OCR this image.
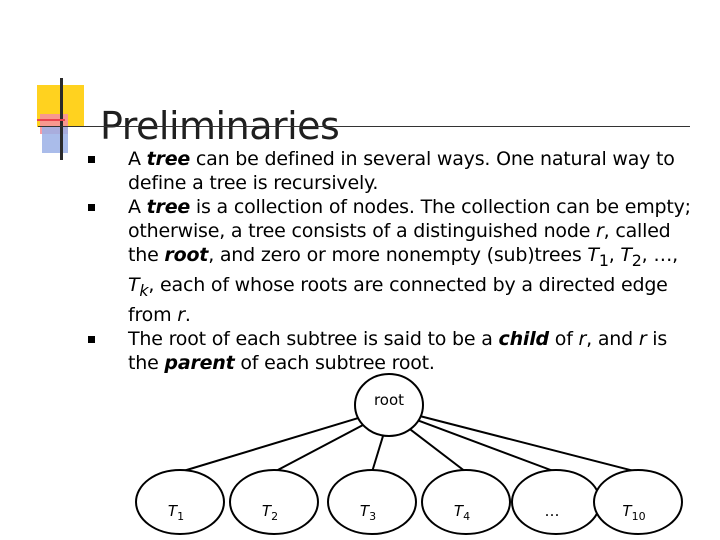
Preliminaries
A tree can be defined in several ways. One natural way to define a tree is recursively.
A tree is a collection of nodes. The collection can be empty; otherwise, a tree consists of a distinguished node r, called the root, and zero or more nonempty (sub)trees $T_1$, $T_2$, …, $T_k$, each of whose roots are connected by a directed edge from r.
The root of each subtree is said to be a child of r, and r is the parent of each subtree root.
root
$T_1$	$T_2$	$T_3$	$T_4$	…	$T_{10}$
